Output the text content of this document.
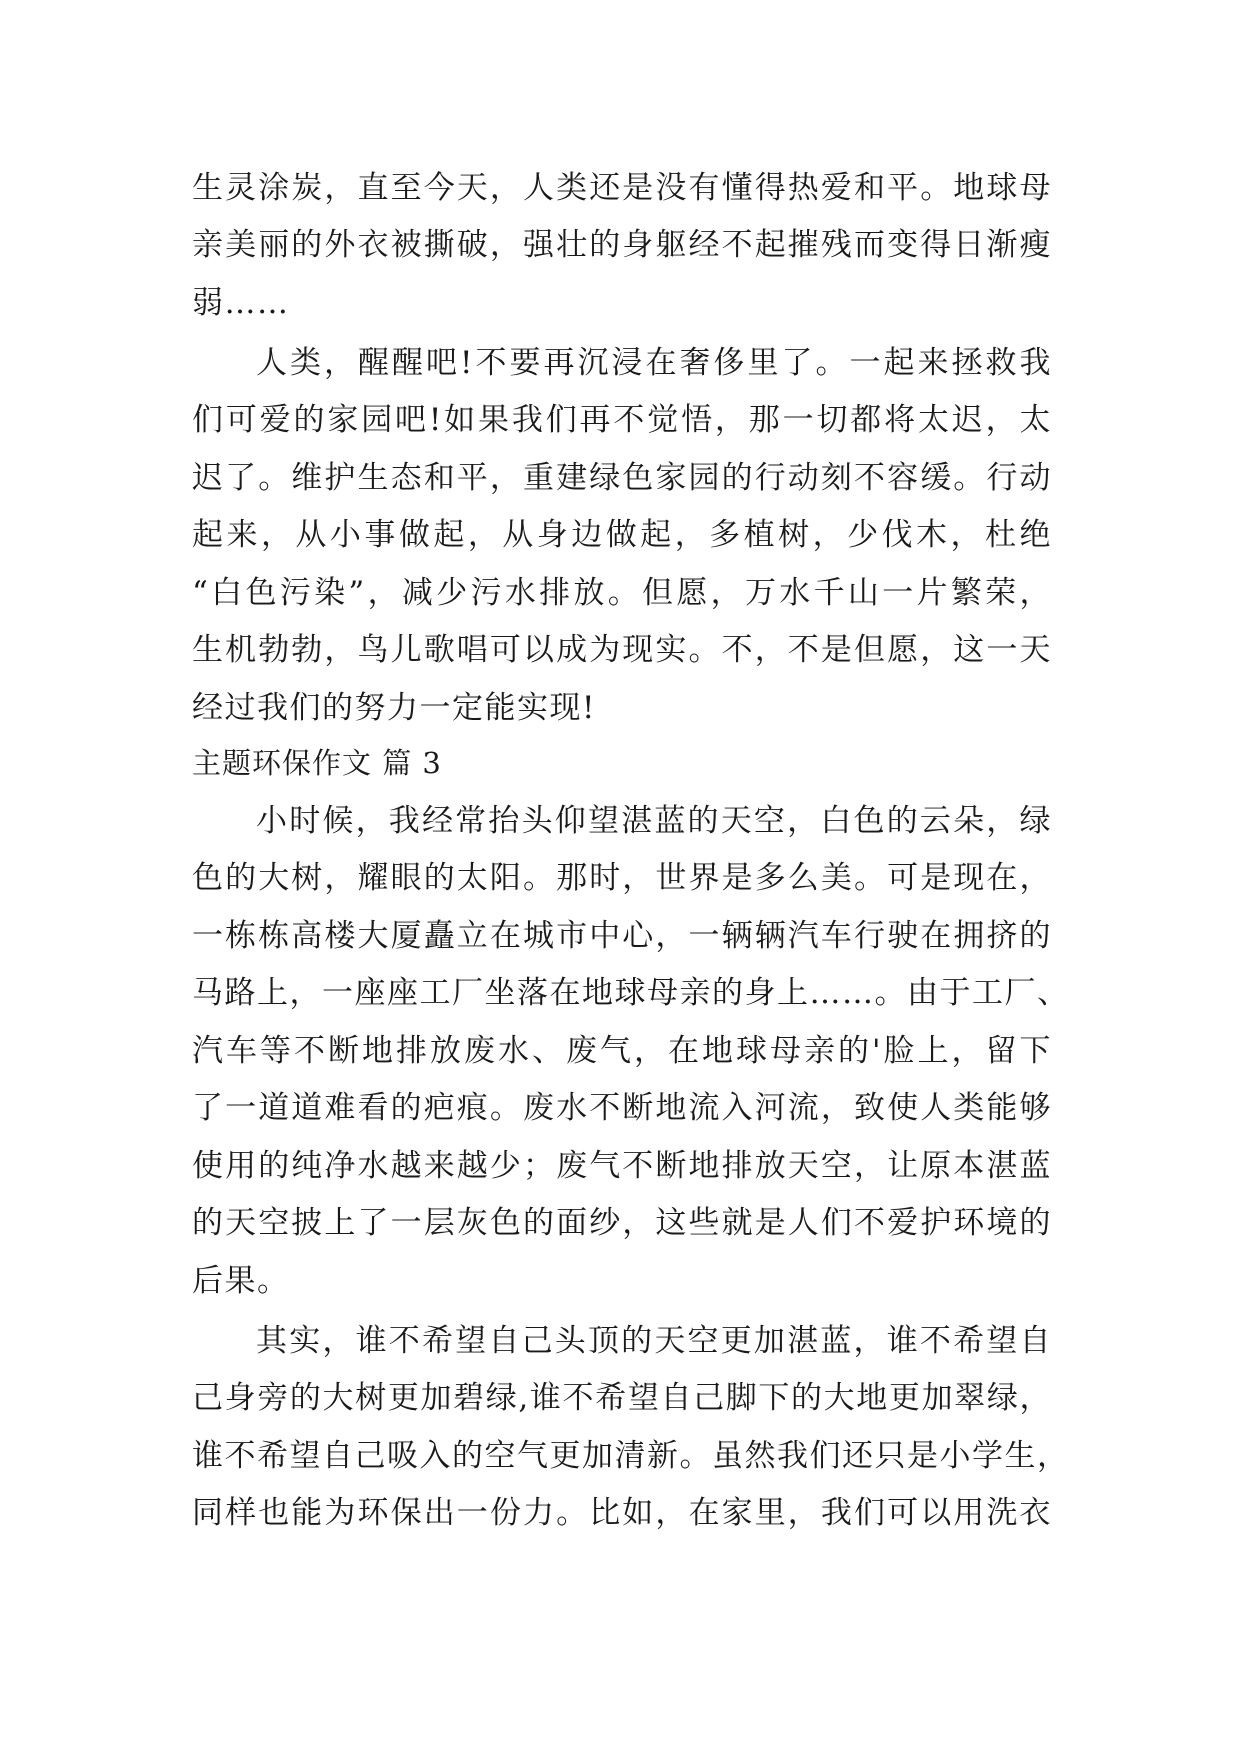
生灵涂炭，直至今天，人类还是没有懂得热爱和平。地球母
亲美丽的外衣被撕破，强壮的身躯经不起摧残而变得日渐瘦
弱……
人类，醒醒吧!不要再沉浸在奢侈里了。一起来拯救我
们可爱的家园吧!如果我们再不觉悟，那一切都将太迟，太
迟了。维护生态和平，重建绿色家园的行动刻不容缓。行动
起来，从小事做起，从身边做起，多植树，少伐木，杜绝
“白色污染”，减少污水排放。但愿，万水千山一片繁荣，
生机勃勃，鸟儿歌唱可以成为现实。不，不是但愿，这一天
经过我们的努力一定能实现!
主题环保作文 篇 3
小时候，我经常抬头仰望湛蓝的天空，白色的云朵，绿
色的大树，耀眼的太阳。那时，世界是多么美。可是现在，
一栋栋高楼大厦矗立在城市中心，一辆辆汽车行驶在拥挤的
马路上，一座座工厂坐落在地球母亲的身上……。由于工厂、
汽车等不断地排放废水、废气，在地球母亲的'脸上，留下
了一道道难看的疤痕。废水不断地流入河流，致使人类能够
使用的纯净水越来越少；废气不断地排放天空，让原本湛蓝
的天空披上了一层灰色的面纱，这些就是人们不爱护环境的
后果。
其实，谁不希望自己头顶的天空更加湛蓝，谁不希望自
己身旁的大树更加碧绿,谁不希望自己脚下的大地更加翠绿，
谁不希望自己吸入的空气更加清新。虽然我们还只是小学生，
同样也能为环保出一份力。比如，在家里，我们可以用洗衣
